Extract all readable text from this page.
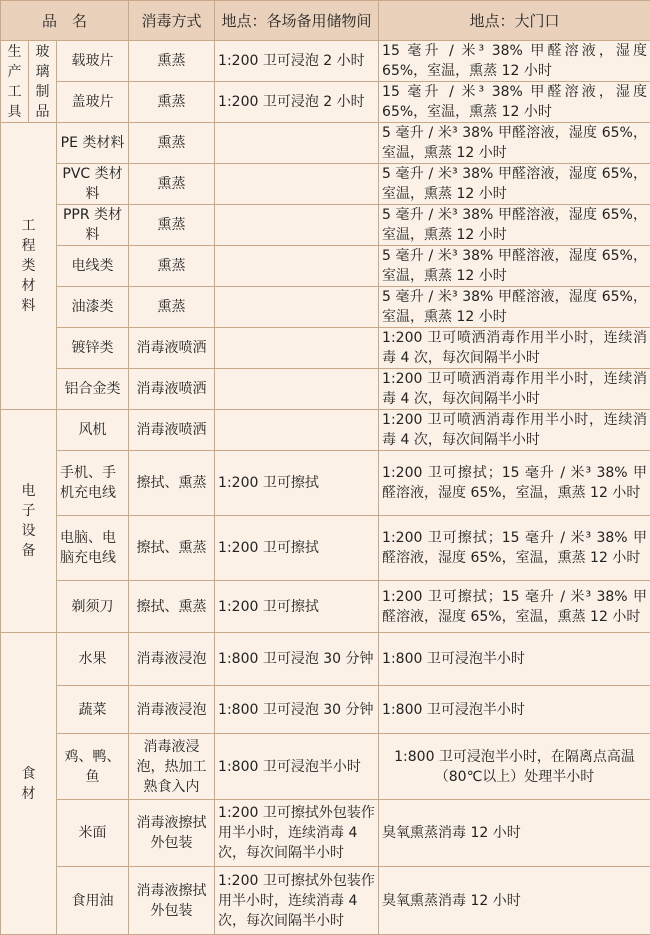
品　名			消毒方式	地点：各场备用储物间	地点：大门口

生产工具	玻璃制品	载玻片	熏蒸	1:200 卫可浸泡 2 小时	15 毫升 / 米³ 38% 甲醛溶液，湿度 65%，室温，熏蒸 12 小时
		盖玻片	熏蒸	1:200 卫可浸泡 2 小时	15 毫升 / 米³ 38% 甲醛溶液，湿度 65%，室温，熏蒸 12 小时

工程类材料		PE 类材料	熏蒸		5 毫升 / 米³ 38% 甲醛溶液，湿度 65%，室温，熏蒸 12 小时
		PVC 类材料	熏蒸		5 毫升 / 米³ 38% 甲醛溶液，湿度 65%，室温，熏蒸 12 小时
		PPR 类材料	熏蒸		5 毫升 / 米³ 38% 甲醛溶液，湿度 65%，室温，熏蒸 12 小时
		电线类	熏蒸		5 毫升 / 米³ 38% 甲醛溶液，湿度 65%，室温，熏蒸 12 小时
		油漆类	熏蒸		5 毫升 / 米³ 38% 甲醛溶液，湿度 65%，室温，熏蒸 12 小时
		镀锌类	消毒液喷洒		1:200 卫可喷洒消毒作用半小时，连续消毒 4 次，每次间隔半小时
		铝合金类	消毒液喷洒		1:200 卫可喷洒消毒作用半小时，连续消毒 4 次，每次间隔半小时

电子设备		风机	消毒液喷洒		1:200 卫可喷洒消毒作用半小时，连续消毒 4 次，每次间隔半小时
		手机、手机充电线	擦拭、熏蒸	1:200 卫可擦拭	1:200 卫可擦拭；15 毫升 / 米³ 38% 甲醛溶液，湿度 65%，室温，熏蒸 12 小时
		电脑、电脑充电线	擦拭、熏蒸	1:200 卫可擦拭	1:200 卫可擦拭；15 毫升 / 米³ 38% 甲醛溶液，湿度 65%，室温，熏蒸 12 小时
		剃须刀	擦拭、熏蒸	1:200 卫可擦拭	1:200 卫可擦拭；15 毫升 / 米³ 38% 甲醛溶液，湿度 65%，室温，熏蒸 12 小时

食材		水果	消毒液浸泡	1:800 卫可浸泡 30 分钟	1:800 卫可浸泡半小时
		蔬菜	消毒液浸泡	1:800 卫可浸泡 30 分钟	1:800 卫可浸泡半小时
		鸡、鸭、鱼	消毒液浸泡，热加工熟食入内	1:800 卫可浸泡半小时	1:800 卫可浸泡半小时，在隔离点高温（80℃以上）处理半小时
		米面	消毒液擦拭外包装	1:200 卫可擦拭外包装作用半小时，连续消毒 4 次，每次间隔半小时	臭氧熏蒸消毒 12 小时
		食用油	消毒液擦拭外包装	1:200 卫可擦拭外包装作用半小时，连续消毒 4 次，每次间隔半小时	臭氧熏蒸消毒 12 小时
